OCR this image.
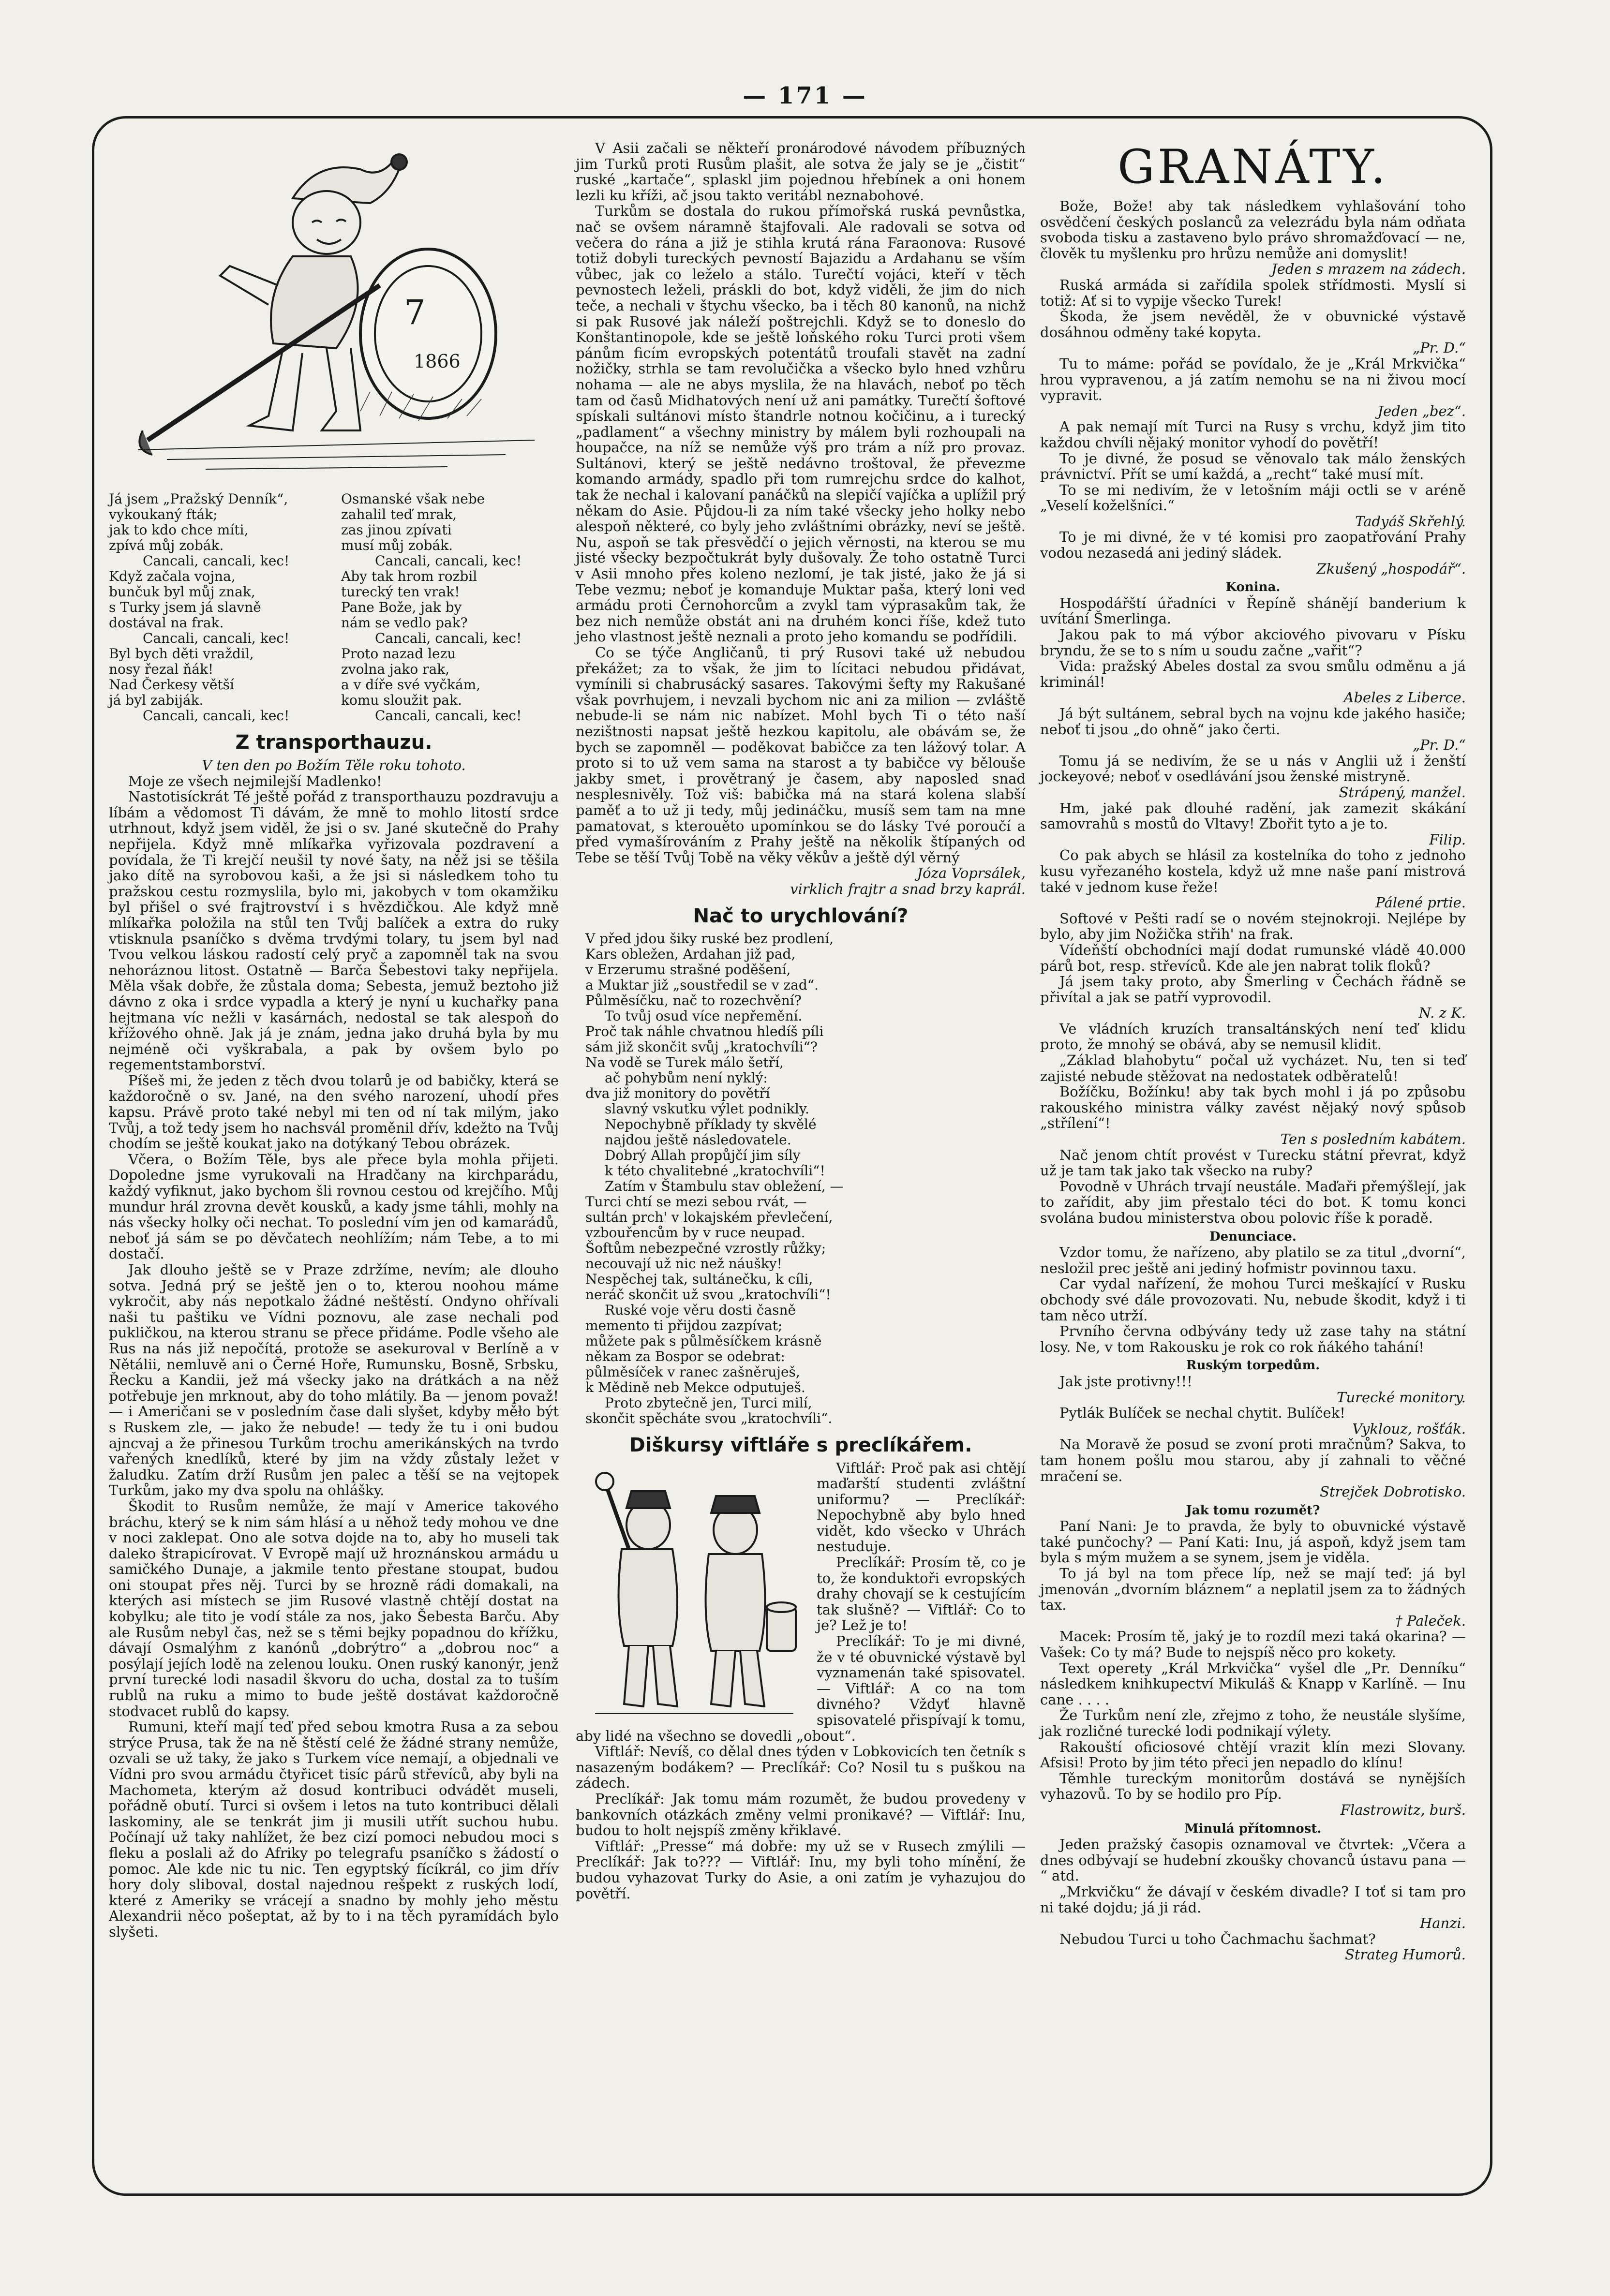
— 171 —
7
1866
Já jsem „Pražský Denník“,
vykoukaný fták;
jak to kdo chce míti,
zpívá můj zobák.
Cancali, cancali, kec!
Když začala vojna,
bunčuk byl můj znak,
s Turky jsem já slavně
dostával na frak.
Cancali, cancali, kec!
Byl bych děti vraždil,
nosy řezal ňák!
Nad Čerkesy větší
já byl zabiják.
Cancali, cancali, kec!
Osmanské však nebe
zahalil teď mrak,
zas jinou zpívati
musí můj zobák.
Cancali, cancali, kec!
Aby tak hrom rozbil
turecký ten vrak!
Pane Bože, jak by
nám se vedlo pak?
Cancali, cancali, kec!
Proto nazad lezu
zvolna jako rak,
a v díře své vyčkám,
komu sloužit pak.
Cancali, cancali, kec!
Z transporthauzu.

V ten den po Božím Těle roku tohoto.

Moje ze všech nejmilejší Madlenko!

Nastotisíckrát Té ještě pořád z transporthauzu pozdravuju a líbám a vědomost Ti dávám, že mně to mohlo litostí srdce utrhnout, když jsem viděl, že jsi o sv. Jané skutečně do Prahy nepřijela. Když mně mlíkařka vyřizovala pozdravení a povídala, že Ti krejčí neušil ty nové šaty, na něž jsi se těšila jako dítě na syrobovou kaši, a že jsi si následkem toho tu pražskou cestu rozmyslila, bylo mi, jakobych v tom okamžiku byl přišel o své frajtrovství i s hvězdičkou. Ale když mně mlíkařka položila na stůl ten Tvůj balíček a extra do ruky vtisknula psaníčko s dvěma trvdými tolary, tu jsem byl nad Tvou velkou láskou radostí celý pryč a zapomněl tak na svou nehoráznou litost. Ostatně — Barča Šebestovi taky nepřijela. Měla však dobře, že zůstala doma; Sebesta, jemuž beztoho již dávno z oka i srdce vypadla a který je nyní u kuchařky pana hejtmana víc nežli v kasárnách, nedostal se tak alespoň do křížového ohně. Jak já je znám, jedna jako druhá byla by mu nejméně oči vyškrabala, a pak by ovšem bylo po regementstamborství.

Píšeš mi, že jeden z těch dvou tolarů je od babičky, která se každoročně o sv. Jané, na den svého narození, uhodí přes kapsu. Právě proto také nebyl mi ten od ní tak milým, jako Tvůj, a tož tedy jsem ho nachsvál proměnil dřív, kdežto na Tvůj chodím se ještě koukat jako na dotýkaný Tebou obrázek.

Včera, o Božím Těle, bys ale přece byla mohla přijeti. Dopoledne jsme vyrukovali na Hradčany na kirchparádu, každý vyfiknut, jako bychom šli rovnou cestou od krejčího. Můj mundur hrál zrovna devět kousků, a kady jsme táhli, mohly na nás všecky holky oči nechat. To poslední vím jen od kamarádů, neboť já sám se po děvčatech neohlížím; nám Tebe, a to mi dostačí.

Jak dlouho ještě se v Praze zdržíme, nevím; ale dlouho sotva. Jedná prý se ještě jen o to, kterou noohou máme vykročit, aby nás nepotkalo žádné neštěstí. Ondyno ohřívali naši tu paštiku ve Vídni poznovu, ale zase nechali pod pukličkou, na kterou stranu se přece přidáme. Podle všeho ale Rus na nás již nepočítá, protože se asekuroval v Berlíně a v Nětálii, nemluvě ani o Černé Hoře, Rumunsku, Bosně, Srbsku, Řecku a Kandii, jež má všecky jako na drátkách a na něž potřebuje jen mrknout, aby do toho mlátily. Ba — jenom považ! — i Američani se v posledním čase dali slyšet, kdyby měło být s Ruskem zle, — jako že nebude! — tedy že tu i oni budou ajncvaj a že přinesou Turkům trochu amerikánských na tvrdo vařených knedlíků, které by jim na vždy zůstaly ležet v žaludku. Zatím drží Rusům jen palec a těší se na vejtopek Turkům, jako my dva spolu na ohlášky.

Škodit to Rusům nemůže, že mají v Americe takového bráchu, který se k nim sám hlásí a u něhož tedy mohou ve dne v noci zaklepat. Ono ale sotva dojde na to, aby ho museli tak daleko štrapicírovat. V Evropě mají už hroznánskou armádu u samičkého Dunaje, a jakmile tento přestane stoupat, budou oni stoupat přes něj. Turci by se hrozně rádi domakali, na kterých asi místech se jim Rusové vlastně chtějí dostat na kobylku; ale tito je vodí stále za nos, jako Šebesta Barču. Aby ale Rusům nebyl čas, než se s těmi bejky popadnou do křížku, dávají Osmalýhm z kanónů „dobrýtro“ a „dobrou noc“ a posýlají jejích lodě na zelenou louku. Onen ruský kanonýr, jenž první turecké lodi nasadil škvoru do ucha, dostal za to tuším rublů na ruku a mimo to bude ještě dostávat každoročně stodvacet rublů do kapsy.

Rumuni, kteří mají teď před sebou kmotra Rusa a za sebou strýce Prusa, tak že na ně štěstí celé že žádné strany nemůže, ozvali se už taky, že jako s Turkem více nemají, a objednali ve Vídni pro svou armádu čtyřicet tisíc párů střevíců, aby byli na Machometa, kterým až dosud kontribuci odvádět museli, pořádně obutí. Turci si ovšem i letos na tuto kontribuci dělali laskominy, ale se tenkrát jim ji musili utřít suchou hubu. Počínají už taky nahlížet, že bez cizí pomoci nebudou moci s fleku a poslali až do Afriky po telegrafu psaníčko s žádostí o pomoc. Ale kde nic tu nic. Ten egyptský fícíkrál, co jim dřív hory doly sliboval, dostal najednou rešpekt z ruských lodí, které z Ameriky se vrácejí a snadno by mohly jeho městu Alexandrii něco pošeptat, až by to i na těch pyramídách bylo slyšeti.

V Asii začali se někteří pronárodové návodem příbuzných jim Turků proti Rusům plašit, ale sotva že jaly se je „čistit“ ruské „kartače“, splaskl jim pojednou hřebínek a oni honem lezli ku kříži, ač jsou takto veritábl neznabohové.

Turkům se dostala do rukou přímořská ruská pevnůstka, nač se ovšem náramně štajfovali. Ale radovali se sotva od večera do rána a již je stihla krutá rána Faraonova: Rusové totiž dobyli tureckých pevností Bajazidu a Ardahanu se vším vůbec, jak co leželo a stálo. Turečtí vojáci, kteří v těch pevnostech leželi, práskli do bot, když viděli, že jim do nich teče, a nechali v štychu všecko, ba i těch 80 kanonů, na nichž si pak Rusové jak náleží poštrejchli. Když se to doneslo do Konštantinopole, kde se ještě loňského roku Turci proti všem pánům ficím evropských potentátů troufali stavět na zadní nožičky, strhla se tam revolučička a všecko bylo hned vzhůru nohama — ale ne abys myslila, že na hlavách, neboť po těch tam od časů Midhatových není už ani památky. Turečtí šoftové spískali sultánovi místo štandrle notnou kočičinu, a i turecký „padlament“ a všechny ministry by málem byli rozhoupali na houpačce, na níž se nemůže výš pro trám a níž pro provaz. Sultánovi, který se ještě nedávno troštoval, že převezme komando armády, spadlo při tom rumrejchu srdce do kalhot, tak že nechal i kalovaní panáčků na slepičí vajíčka a uplížil prý někam do Asie. Půjdou-li za ním také všecky jeho holky nebo alespoň některé, co byly jeho zvláštními obrázky, neví se ještě. Nu, aspoň se tak přesvědčí o jejich věrnosti, na kterou se mu jisté všecky bezpočtukrát byly dušovaly. Že toho ostatně Turci v Asii mnoho přes koleno nezlomí, je tak jisté, jako že já si Tebe vezmu; neboť je komanduje Muktar paša, který loni ved armádu proti Černohorcům a zvykl tam výprasakům tak, že bez nich nemůže obstát ani na druhém konci říše, kdež tuto jeho vlastnost ještě neznali a proto jeho komandu se podřídili.

Co se týče Angličanů, ti prý Rusovi také už nebudou překážet; za to však, že jim to lícitaci nebudou přidávat, vymínili si chabrusácký sasares. Takovými šefty my Rakušané však povrhujem, i nevzali bychom nic ani za milion — zvláště nebude-li se nám nic nabízet. Mohl bych Ti o této naší nezištnosti napsat ještě hezkou kapitolu, ale obávám se, že bych se zapomněl — poděkovat babičce za ten lážový tolar. A proto si to už vem sama na starost a ty babičce vy bělouše jakby smet, i provětraný je časem, aby naposled snad nesplesnivěly. Tož viš: babička má na stará kolena slabší paměť a to už ji tedy, můj jedináčku, musíš sem tam na mne pamatovat, s kterouěto upomínkou se do lásky Tvé poroučí a před vymašírováním z Prahy ještě na několik štípaných od Tebe se těší Tvůj Tobě na věky věkův a ještě dýl věrný

Józa Voprsálek,

virklich frajtr a snad brzy kaprál.

Nač to urychlování?
V před jdou šiky ruské bez prodlení,
Kars obležen, Ardahan již pad,
v Erzerumu strašné poděšení,
a Muktar již „soustředil se v zad“.
Půlměsíčku, nač to rozechvění?
To tvůj osud více nepřemění.
Proč tak náhle chvatnou hledíš píli
sám již skončit svůj „kratochvíli“?
Na vodě se Turek málo šetří,
ač pohybům není nyklý:
dva již monitory do povětří
slavný vskutku výlet podnikly.
Nepochybně příklady ty skvělé
najdou ještě následovatele.
Dobrý Allah propůjčí jim síly
k této chvalitebné „kratochvíli“!
Zatím v Štambulu stav obležení, —
Turci chtí se mezi sebou rvát, —
sultán prch' v lokajském převlečení,
vzbouřencům by v ruce neupad.
Šoftům nebezpečné vzrostly růžky;
necouvají už nic než náušky!
Nespěchej tak, sultánečku, k cíli,
neráč skončit už svou „kratochvíli“!
Ruské voje věru dosti časně
memento ti přijdou zazpívat;
můžete pak s půlměsíčkem krásně
někam za Bospor se odebrat:
půlměsíček v ranec zašněruješ,
k Mědině neb Mekce odputuješ.
Proto zbytečně jen, Turci milí,
skončit spěcháte svou „kratochvíli“.
Diškursy viftláře s preclíkářem.

Viftlář: Proč pak asi chtějí maďarští studenti zvláštní uniformu? — Preclíkář: Nepochybně aby bylo hned vidět, kdo všecko v Uhrách nestuduje.

Preclíkář: Prosím tě, co je to, že konduktoři evropských drahy chovají se k cestujícím tak slušně? — Viftlář: Co to je? Lež je to!

Preclíkář: To je mi divné, že v té obuvnické výstavě byl vyznamenán také spisovatel. — Viftlář: A co na tom divného? Vždyť hlavně spisovatelé přispívají k tomu, aby lidé na všechno se dovedli „obout“.

Viftlář: Nevíš, co dělal dnes týden v Lobkovicích ten četník s nasazeným bodákem? — Preclíkář: Co? Nosil tu s puškou na zádech.

Preclíkář: Jak tomu mám rozumět, že budou provedeny v bankovních otázkách změny velmi pronikavé? — Viftlář: Inu, budou to holt nejspíš změny křiklavé.

Viftlář: „Presse“ má dobře: my už se v Rusech zmýlili — Preclíkář: Jak to??? — Viftlář: Inu, my byli toho mínění, že budou vyhazovat Turky do Asie, a oni zatím je vyhazujou do povětří.

GRANÁTY.

Bože, Bože! aby tak následkem vyhlašování toho osvědčení českých poslanců za velezrádu byla nám odňata svoboda tisku a zastaveno bylo právo shromažďovací — ne, člověk tu myšlenku pro hrůzu nemůže ani domyslit!

Jeden s mrazem na zádech.

Ruská armáda si zařídila spolek střídmosti. Myslí si totiž: Ať si to vypije všecko Turek!

Škoda, že jsem nevěděl, že v obuvnické výstavě dosáhnou odměny také kopyta.

„Pr. D.“

Tu to máme: pořád se povídalo, že je „Král Mrkvička“ hrou vypravenou, a já zatím nemohu se na ni živou mocí vypravit.

Jeden „bez“.

A pak nemají mít Turci na Rusy s vrchu, když jim tito každou chvíli nějaký monitor vyhodí do povětří!

To je divné, že posud se věnovalo tak málo ženských právnictví. Přít se umí každá, a „recht“ také musí mít.

To se mi nedivím, že v letošním máji octli se v aréně „Veselí koželšníci.“

Tadyáš Skřehlý.

To je mi divné, že v té komisi pro zaopatřování Prahy vodou nezasedá ani jediný sládek.

Zkušený „hospodář“.

Konina.

Hospodářští úřadníci v Řepíně shánějí banderium k uvítání Šmerlinga.

Jakou pak to má výbor akciového pivovaru v Písku bryndu, že se to s ním u soudu začne „vařit“?

Vida: pražský Abeles dostal za svou smůlu odměnu a já kriminál!

Abeles z Liberce.

Já být sultánem, sebral bych na vojnu kde jakého hasiče; neboť ti jsou „do ohně“ jako čerti.

„Pr. D.“

Tomu já se nedivím, že se u nás v Anglii už i ženští jockeyové; neboť v osedlávání jsou ženské mistryně.

Strápený, manžel.

Hm, jaké pak dlouhé radění, jak zamezit skákání samovrahů s mostů do Vltavy! Zbořit tyto a je to.

Filip.

Co pak abych se hlásil za kostelníka do toho z jednoho kusu vyřezaného kostela, když už mne naše paní mistrová také v jednom kuse řeže!

Pálené prtie.

Softové v Pešti radí se o novém stejnokroji. Nejlépe by bylo, aby jim Nožička střih' na frak.

Vídeňští obchodníci mají dodat rumunské vládě 40.000 párů bot, resp. střevíců. Kde ale jen nabrat tolik floků?

Já jsem taky proto, aby Šmerling v Čechách řádně se přivítal a jak se patří vyprovodil.

N. z K.

Ve vládních kruzích transaltánských není teď klidu proto, že mnohý se obává, aby se nemusil klidit.

„Základ blahobytu“ počal už vycházet. Nu, ten si teď zajisté nebude stěžovat na nedostatek odběratelů!

Božíčku, Božínku! aby tak bych mohl i já po způsobu rakouského ministra války zavést nějaký nový spůsob „střílení“!

Ten s posledním kabátem.

Nač jenom chtít provést v Turecku státní převrat, když už je tam tak jako tak všecko na ruby?

Povodně v Uhrách trvají neustále. Maďaři přemýšlejí, jak to zařídit, aby jim přestalo téci do bot. K tomu konci svolána budou ministerstva obou polovic říše k poradě.

Denunciace.

Vzdor tomu, že nařízeno, aby platilo se za titul „dvorní“, nesložil prec ještě ani jediný hofmistr povinnou taxu.

Car vydal nařízení, že mohou Turci meškající v Rusku obchody své dále provozovati. Nu, nebude škodit, když i ti tam něco utrží.

Prvního června odbývány tedy už zase tahy na státní losy. Ne, v tom Rakousku je rok co rok ňákého tahání!

Ruským torpedům.

Jak jste protivny!!!

Turecké monitory.

Pytlák Bulíček se nechal chytit. Bulíček!

Vyklouz, rošťák.

Na Moravě že posud se zvoní proti mračnům? Sakva, to tam honem pošlu mou starou, aby jí zahnali to věčné mračení se.

Strejček Dobrotisko.

Jak tomu rozumět?

Paní Nani: Je to pravda, že byly to obuvnické výstavě také punčochy? — Paní Kati: Inu, já aspoň, když jsem tam byla s mým mužem a se synem, jsem je viděla.

To já byl na tom přece líp, než se mají teď: já byl jmenován „dvorním bláznem“ a neplatil jsem za to žádných tax.

† Paleček.

Macek: Prosím tě, jaký je to rozdíl mezi taká okarina? — Vašek: Co ty má? Bude to nejspíš něco pro kokety.

Text operety „Král Mrkvička“ vyšel dle „Pr. Denníku“ následkem knihkupectví Mikuláš & Knapp v Karlíně. — Inu cane . . . .

Že Turkům není zle, zřejmo z toho, že neustále slyšíme, jak rozličné turecké lodi podnikají výlety.

Rakouští oficiosové chtějí vrazit klín mezi Slovany. Afsisi! Proto by jim této přeci jen nepadlo do klínu!

Těmhle tureckým monitorům dostává se nynějších vyhazovů. To by se hodilo pro Píp.

Flastrowitz, burš.

Minulá přítomnost.

Jeden pražský časopis oznamoval ve čtvrtek: „Včera a dnes odbývají se hudební zkoušky chovanců ústavu pana — “ atd.

„Mrkvičku“ že dávají v českém divadle? I toť si tam pro ni také dojdu; já ji rád.

Hanzi.

Nebudou Turci u toho Čachmachu šachmat?

Strateg Humorů.
